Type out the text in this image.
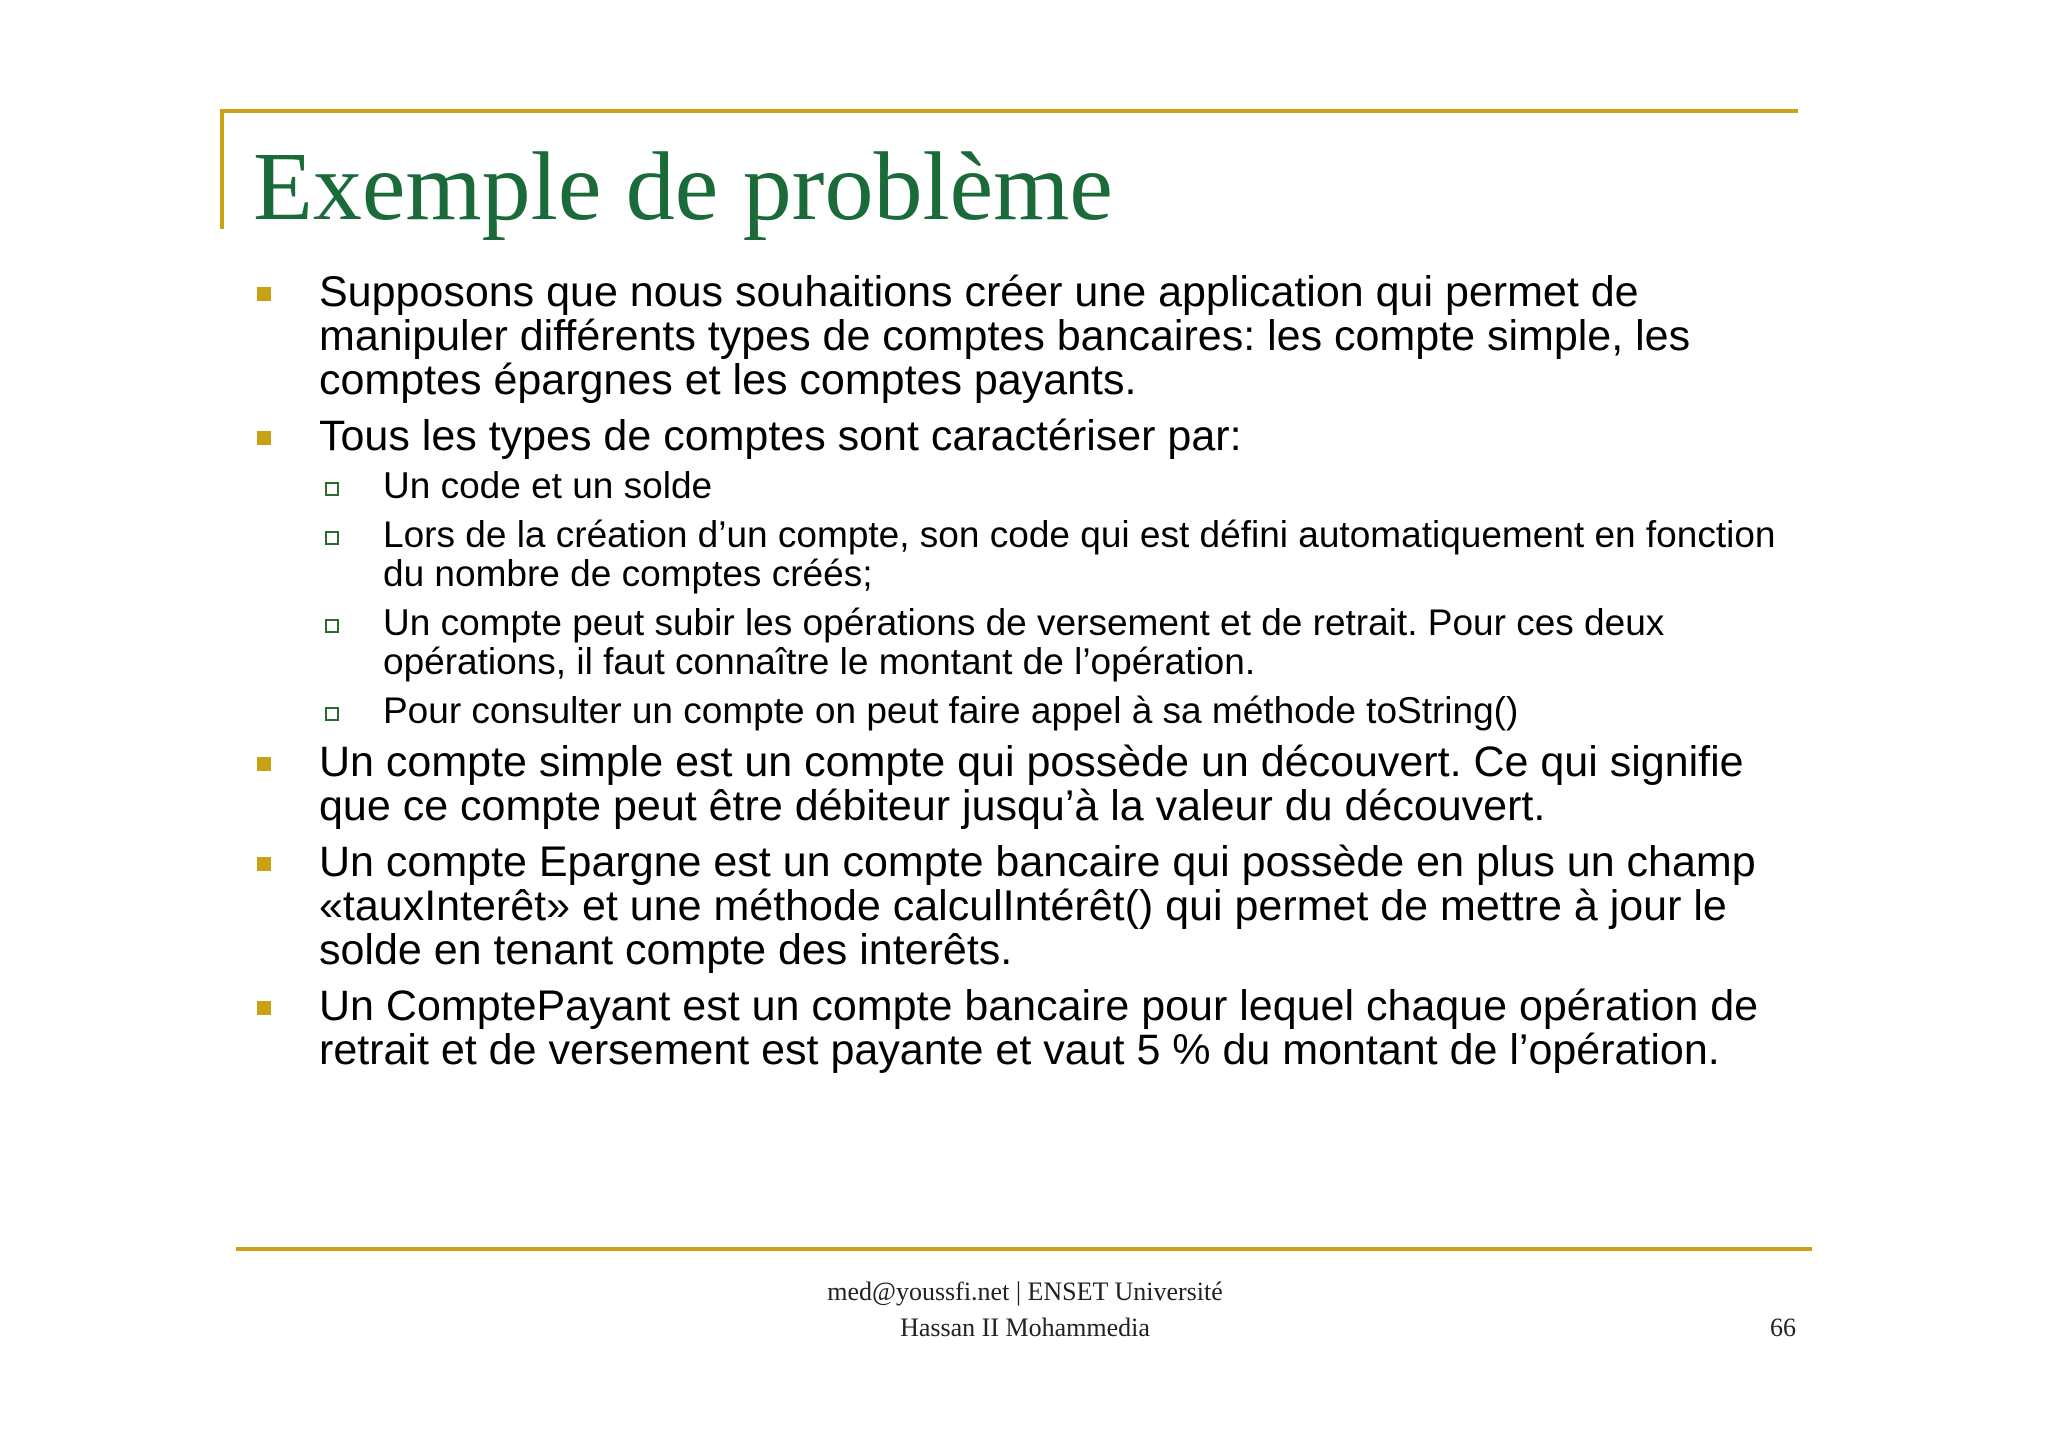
Exemple de problème
Supposons que nous souhaitions créer une application qui permet de manipuler différents types de comptes bancaires: les compte simple, les comptes épargnes et les comptes payants.
Tous les types de comptes sont caractériser par:
Un code et un solde
Lors de la création d’un compte, son code qui est défini automatiquement en fonction du nombre de comptes créés;
Un compte peut subir les opérations de versement et de retrait. Pour ces deux opérations, il faut connaître le montant de l’opération.
Pour consulter un compte on peut faire appel à sa méthode toString()
Un compte simple est un compte qui possède un découvert. Ce qui signifie que ce compte peut être débiteur jusqu’à la valeur du découvert.
Un compte Epargne est un compte bancaire qui possède en plus un champ «tauxInterêt» et une méthode calculIntérêt() qui permet de mettre à jour le solde en tenant compte des interêts.
Un ComptePayant est un compte bancaire pour lequel chaque opération de retrait et de versement est payante et vaut 5 % du montant de l’opération.
med@youssfi.net | ENSET Université
Hassan II Mohammedia	66
